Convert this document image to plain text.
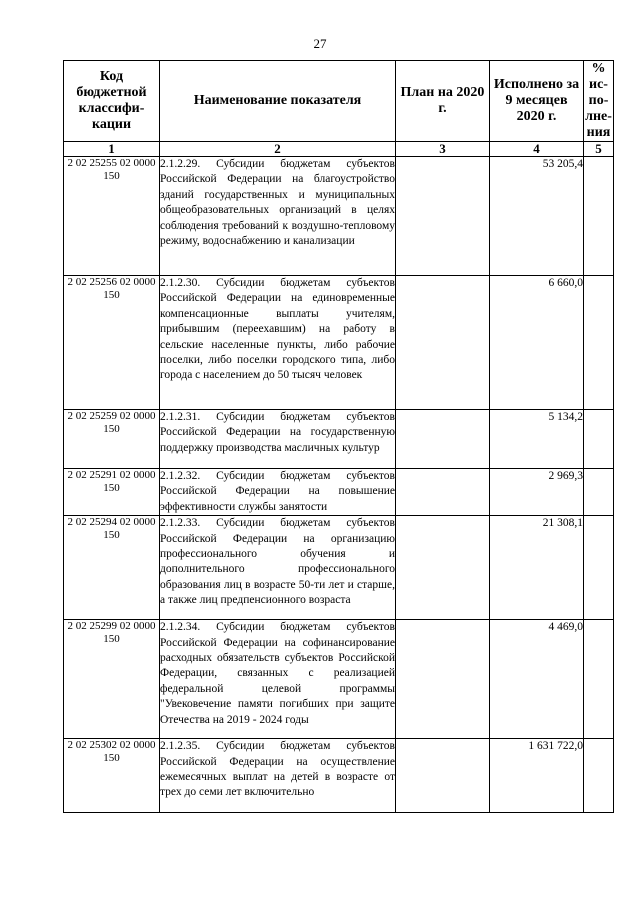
27
Код бюджетной классифи- кации	Наименование показателя	План на 2020 г.	Исполнено за 9 месяцев 2020 г.	% ис- по- лне- ния
1	2	3	4	5
2 02 25255 02 0000 150	2.1.2.29. Субсидии бюджетам субъектов Российской Федерации на благоустройство зданий государственных и муниципальных общеобразовательных организаций в целях соблюдения требований к воздушно-тепловому режиму, водоснабжению и канализации		53 205,4	
2 02 25256 02 0000 150	2.1.2.30. Субсидии бюджетам субъектов Российской Федерации на единовременные компенсационные выплаты учителям, прибывшим (переехавшим) на работу в сельские населенные пункты, либо рабочие поселки, либо поселки городского типа, либо города с населением до 50 тысяч человек		6 660,0	
2 02 25259 02 0000 150	2.1.2.31. Субсидии бюджетам субъектов Российской Федерации на государственную поддержку производства масличных культур		5 134,2	
2 02 25291 02 0000 150	2.1.2.32. Субсидии бюджетам субъектов Российской Федерации на повышение эффективности службы занятости		2 969,3	
2 02 25294 02 0000 150	2.1.2.33. Субсидии бюджетам субъектов Российской Федерации на организацию профессионального обучения и дополнительного профессионального образования лиц в возрасте 50-ти лет и старше, а также лиц предпенсионного возраста		21 308,1	
2 02 25299 02 0000 150	2.1.2.34. Субсидии бюджетам субъектов Российской Федерации на софинансирование расходных обязательств субъектов Российской Федерации, связанных с реализацией федеральной целевой программы "Увековечение памяти погибших при защите Отечества на 2019 - 2024 годы		4 469,0	
2 02 25302 02 0000 150	2.1.2.35. Субсидии бюджетам субъектов Российской Федерации на осуществление ежемесячных выплат на детей в возрасте от трех до семи лет включительно		1 631 722,0	
